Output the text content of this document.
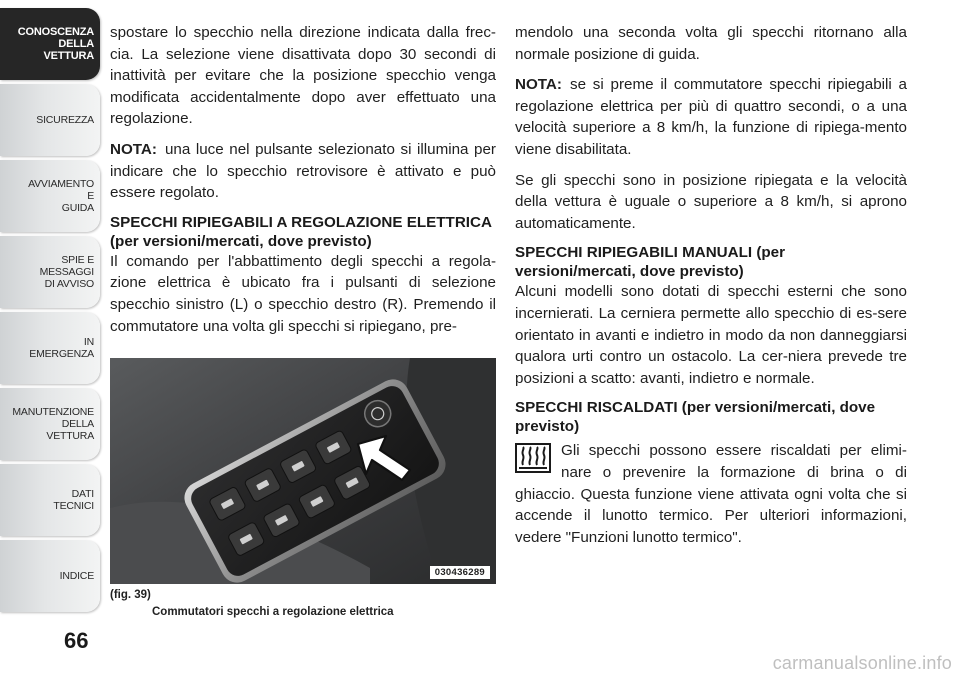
CONOSCENZA
DELLA
VETTURA
SICUREZZA
AVVIAMENTO
E
GUIDA
SPIE E
MESSAGGI
DI AVVISO
IN
EMERGENZA
MANUTENZIONE
DELLA
VETTURA
DATI
TECNICI
INDICE
66

spostare lo specchio nella direzione indicata dalla frec-cia. La selezione viene disattivata dopo 30 secondi di inattività per evitare che la posizione specchio venga modificata accidentalmente dopo aver effettuato una regolazione.

NOTA: una luce nel pulsante selezionato si illumina per indicare che lo specchio retrovisore è attivato e può essere regolato.

SPECCHI RIPIEGABILI A REGOLAZIONE ELETTRICA (per versioni/mercati, dove previsto)

Il comando per l'abbattimento degli specchi a regola-zione elettrica è ubicato fra i pulsanti di selezione specchio sinistro (L) o specchio destro (R). Premendo il commutatore una volta gli specchi si ripiegano, pre-

030436289
(fig. 39)
Commutatori specchi a regolazione elettrica

mendolo una seconda volta gli specchi ritornano alla normale posizione di guida.

NOTA: se si preme il commutatore specchi ripiegabili a regolazione elettrica per più di quattro secondi, o a una velocità superiore a 8 km/h, la funzione di ripiega-mento viene disabilitata.

Se gli specchi sono in posizione ripiegata e la velocità della vettura è uguale o superiore a 8 km/h, si aprono automaticamente.

SPECCHI RIPIEGABILI MANUALI (per versioni/mercati, dove previsto)

Alcuni modelli sono dotati di specchi esterni che sono incernierati. La cerniera permette allo specchio di es-sere orientato in avanti e indietro in modo da non danneggiarsi qualora urti contro un ostacolo. La cer-niera prevede tre posizioni a scatto: avanti, indietro e normale.

SPECCHI RISCALDATI (per versioni/mercati, dove previsto)

Gli specchi possono essere riscaldati per elimi-nare o prevenire la formazione di brina o di ghiaccio. Questa funzione viene attivata ogni volta che si accende il lunotto termico. Per ulteriori informazioni, vedere "Funzioni lunotto termico".

carmanualsonline.info
